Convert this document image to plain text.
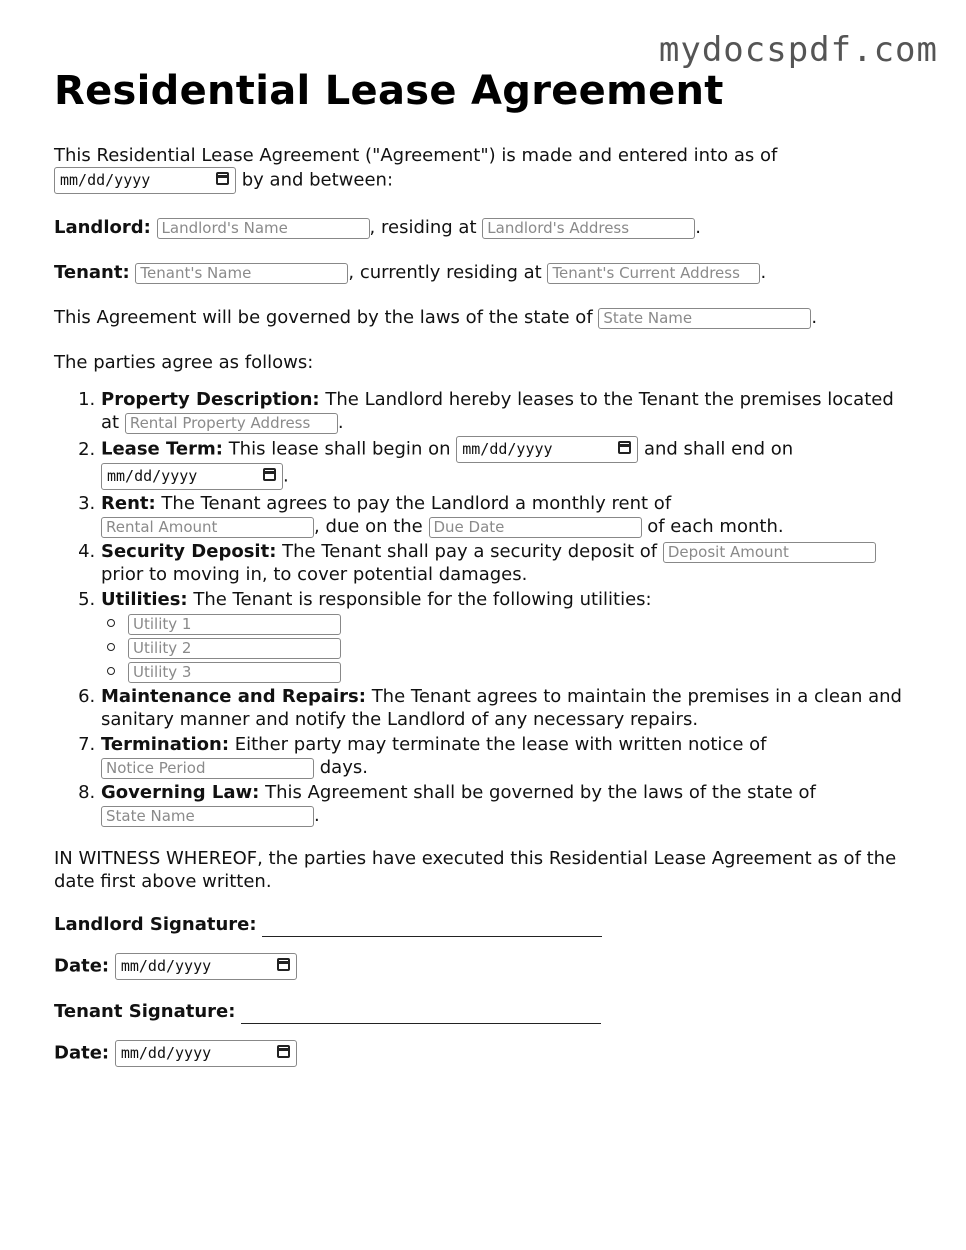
mydocspdf.com
Residential Lease Agreement

This Residential Lease Agreement ("Agreement") is made and entered into as of
mm/dd/yyyy	by and between:

Landlord: Landlord's Name	, residing at Landlord's Address	.

Tenant: Tenant's Name	, currently residing at Tenant's Current Address	.

This Agreement will be governed by the laws of the state of State Name	.

The parties agree as follows:

1. Property Description: The Landlord hereby leases to the Tenant the premises located at Rental Property Address	.
2. Lease Term: This lease shall begin on mm/dd/yyyy	and shall end on mm/dd/yyyy	.
3. Rent: The Tenant agrees to pay the Landlord a monthly rent of
Rental Amount, due on the Due Date	of each month.
4. Security Deposit: The Tenant shall pay a security deposit of Deposit Amount prior to moving in, to cover potential damages.
5. Utilities: The Tenant is responsible for the following utilities:
Utility 1
Utility 2
Utility 3
6. Maintenance and Repairs: The Tenant agrees to maintain the premises in a clean and sanitary manner and notify the Landlord of any necessary repairs.
7. Termination: Either party may terminate the lease with written notice of
Notice Period days.
8. Governing Law: This Agreement shall be governed by the laws of the state of
State Name.

IN WITNESS WHEREOF, the parties have executed this Residential Lease Agreement as of the date first above written.

Landlord Signature:

Date: mm/dd/yyyy

Tenant Signature:

Date: mm/dd/yyyy
